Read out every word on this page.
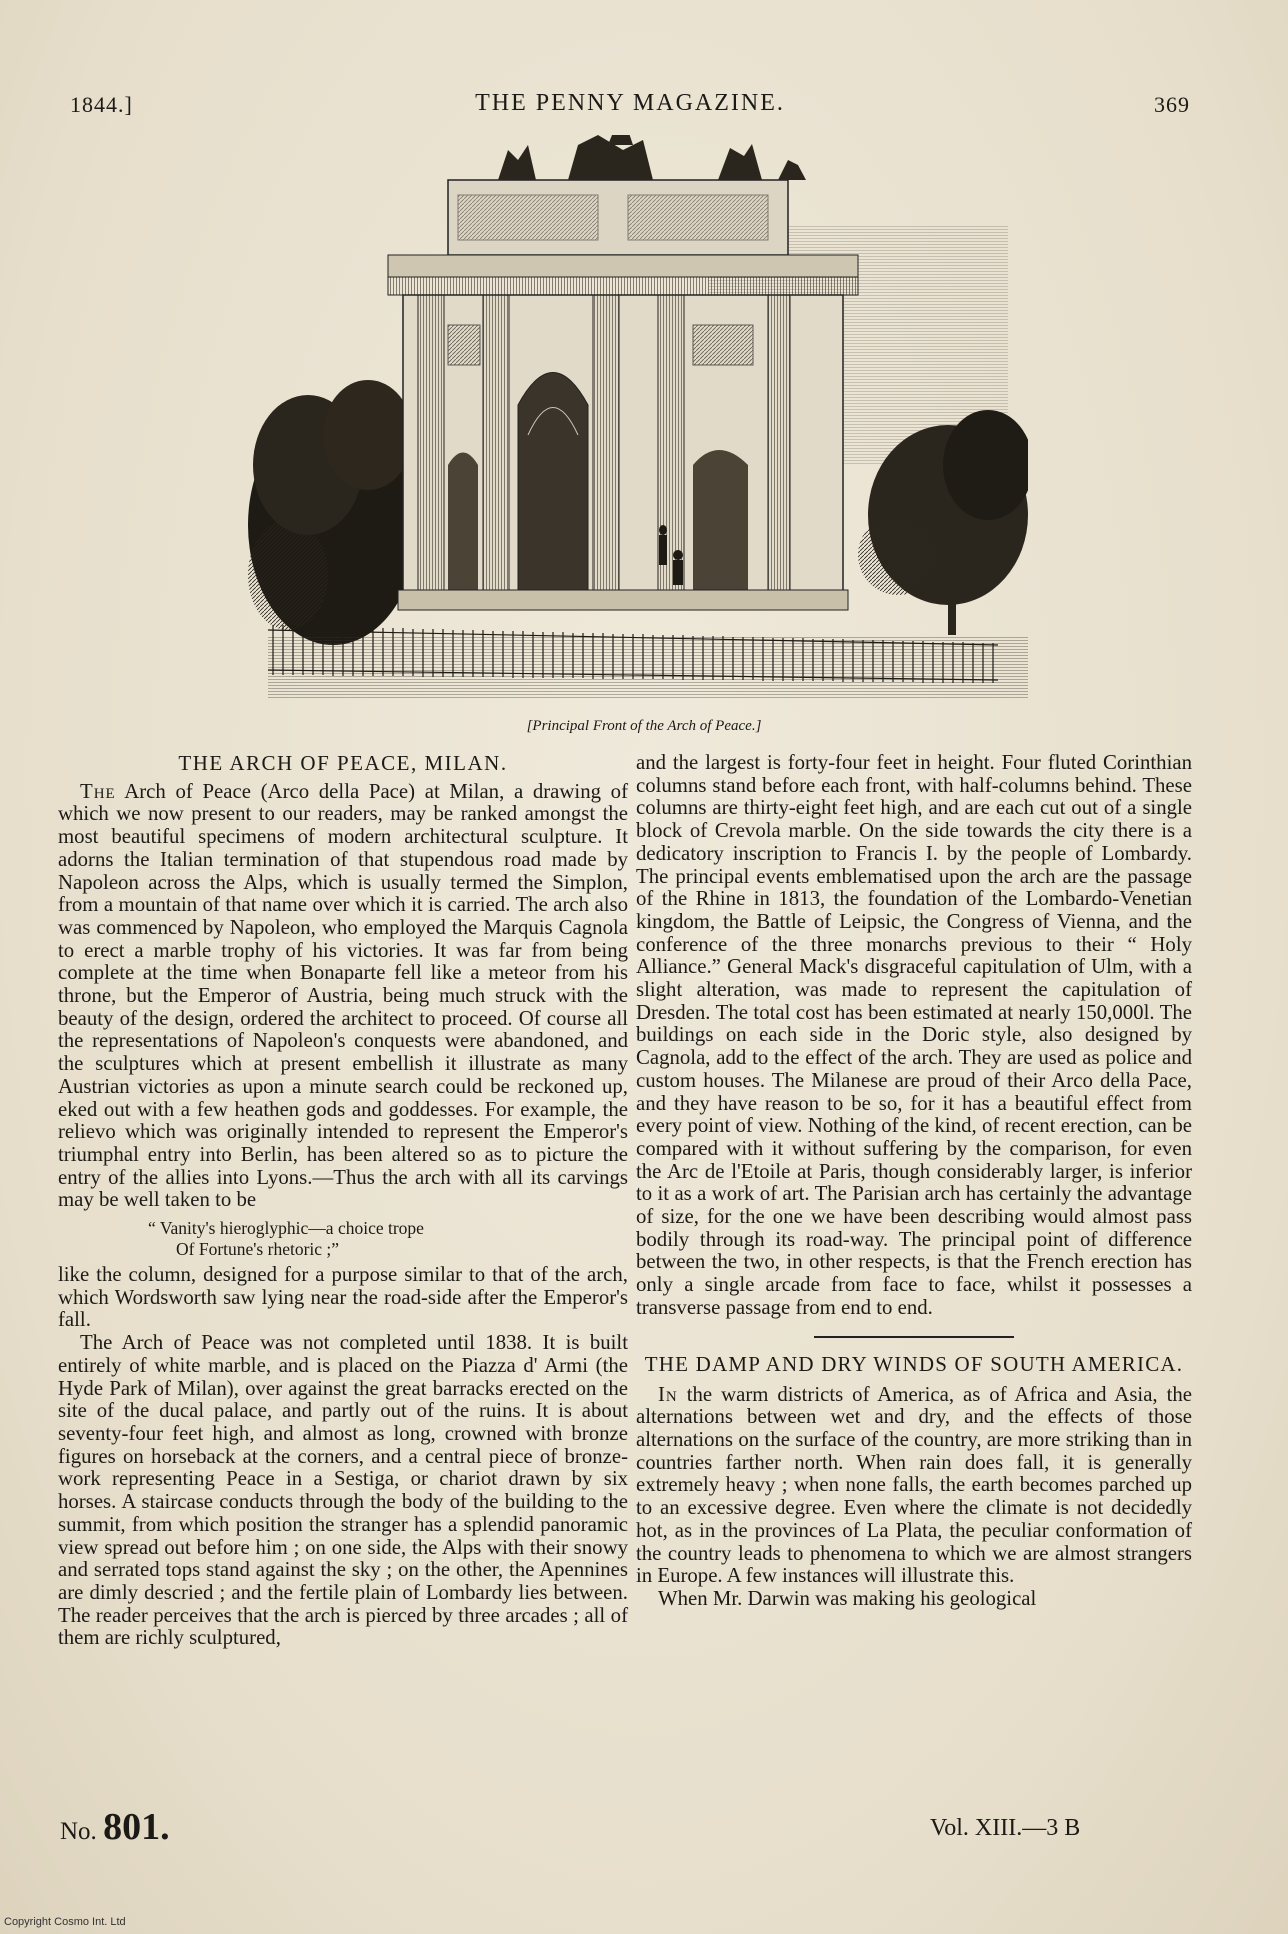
1844.]	THE PENNY MAGAZINE.	369
[Principal Front of the Arch of Peace.]
THE ARCH OF PEACE, MILAN.

The Arch of Peace (Arco della Pace) at Milan, a drawing of which we now present to our readers, may be ranked amongst the most beautiful specimens of modern architectural sculpture. It adorns the Italian termination of that stupendous road made by Napoleon across the Alps, which is usually termed the Simplon, from a mountain of that name over which it is carried. The arch also was commenced by Napoleon, who employed the Marquis Cagnola to erect a marble trophy of his victories. It was far from being complete at the time when Bonaparte fell like a meteor from his throne, but the Emperor of Austria, being much struck with the beauty of the design, ordered the architect to proceed. Of course all the representations of Napoleon's conquests were abandoned, and the sculptures which at present embellish it illustrate as many Austrian victories as upon a minute search could be reckoned up, eked out with a few heathen gods and goddesses. For example, the relievo which was originally intended to represent the Emperor's triumphal entry into Berlin, has been altered so as to picture the entry of the allies into Lyons.—Thus the arch with all its carvings may be well taken to be

“ Vanity's hieroglyphic—a choice trope
Of Fortune's rhetoric ;”

like the column, designed for a purpose similar to that of the arch, which Wordsworth saw lying near the road-side after the Emperor's fall.

The Arch of Peace was not completed until 1838. It is built entirely of white marble, and is placed on the Piazza d' Armi (the Hyde Park of Milan), over against the great barracks erected on the site of the ducal palace, and partly out of the ruins. It is about seventy-four feet high, and almost as long, crowned with bronze figures on horseback at the corners, and a central piece of bronze-work representing Peace in a Sestiga, or chariot drawn by six horses. A staircase conducts through the body of the building to the summit, from which position the stranger has a splendid panoramic view spread out before him ; on one side, the Alps with their snowy and serrated tops stand against the sky ; on the other, the Apennines are dimly descried ; and the fertile plain of Lombardy lies between. The reader perceives that the arch is pierced by three arcades ; all of them are richly sculptured,

and the largest is forty-four feet in height. Four fluted Corinthian columns stand before each front, with half-columns behind. These columns are thirty-eight feet high, and are each cut out of a single block of Crevola marble. On the side towards the city there is a dedicatory inscription to Francis I. by the people of Lombardy. The principal events emblematised upon the arch are the passage of the Rhine in 1813, the foundation of the Lombardo-Venetian kingdom, the Battle of Leipsic, the Congress of Vienna, and the conference of the three monarchs previous to their “ Holy Alliance.” General Mack's disgraceful capitulation of Ulm, with a slight alteration, was made to represent the capitulation of Dresden. The total cost has been estimated at nearly 150,000l. The buildings on each side in the Doric style, also designed by Cagnola, add to the effect of the arch. They are used as police and custom houses. The Milanese are proud of their Arco della Pace, and they have reason to be so, for it has a beautiful effect from every point of view. Nothing of the kind, of recent erection, can be compared with it without suffering by the comparison, for even the Arc de l'Etoile at Paris, though considerably larger, is inferior to it as a work of art. The Parisian arch has certainly the advantage of size, for the one we have been describing would almost pass bodily through its road-way. The principal point of difference between the two, in other respects, is that the French erection has only a single arcade from face to face, whilst it possesses a transverse passage from end to end.

THE DAMP AND DRY WINDS OF SOUTH AMERICA.

In the warm districts of America, as of Africa and Asia, the alternations between wet and dry, and the effects of those alternations on the surface of the country, are more striking than in countries farther north. When rain does fall, it is generally extremely heavy ; when none falls, the earth becomes parched up to an excessive degree. Even where the climate is not decidedly hot, as in the provinces of La Plata, the peculiar conformation of the country leads to phenomena to which we are almost strangers in Europe. A few instances will illustrate this.

When Mr. Darwin was making his geological

No. 801.	Vol. XIII.—3 B
Copyright Cosmo Int. Ltd
